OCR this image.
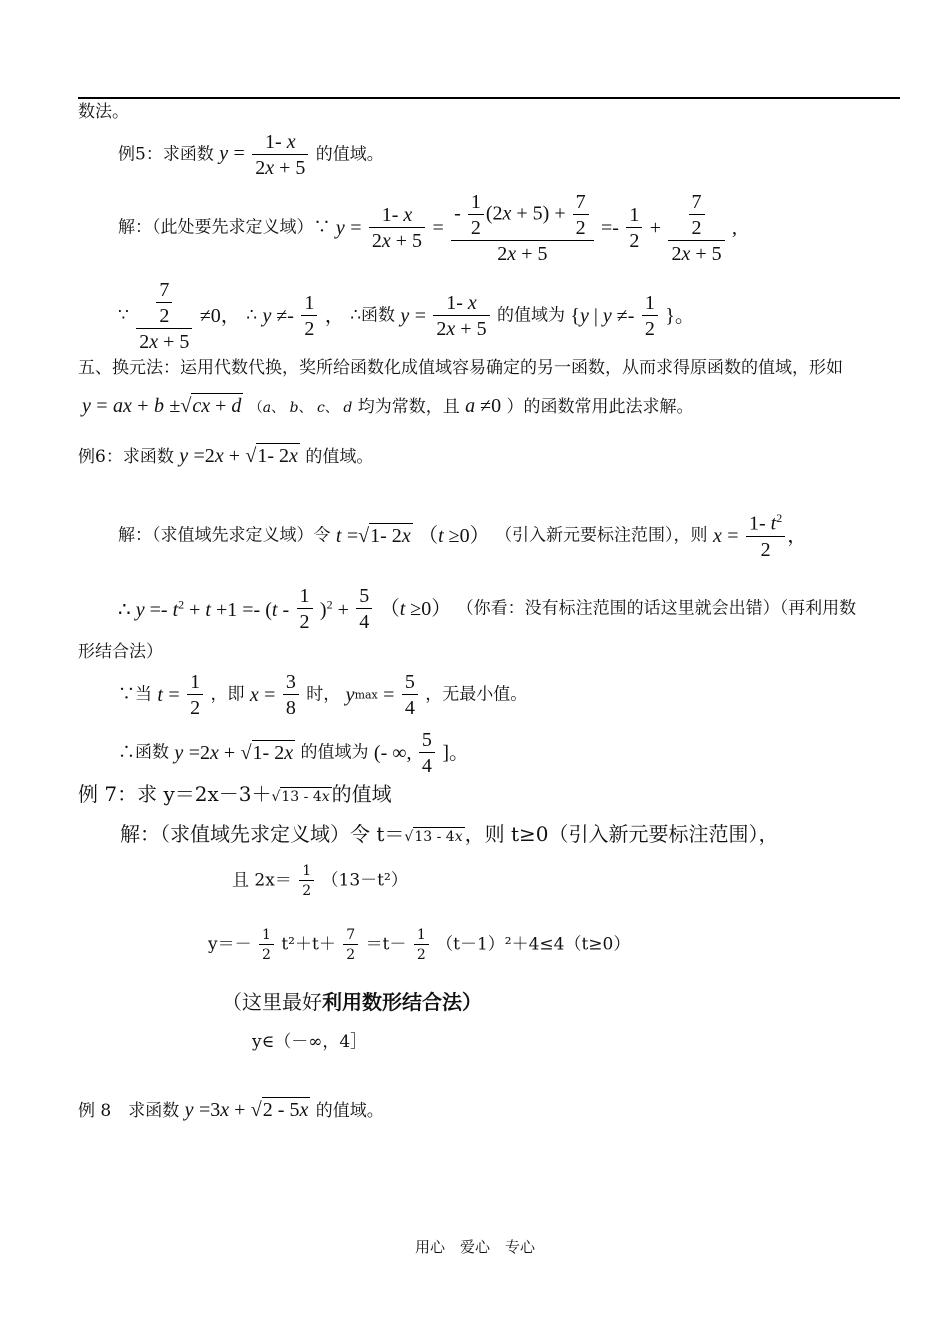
数法。
例5：求函数 $y = \frac{1- x}{2x + 5}$ 的值域。
解：（此处要先求定义域）∵ $y = \frac{1- x}{2x + 5} = \frac{- \frac{1}{2} (2x + 5) + \frac{7}{2}}{2x + 5} =- \frac{1}{2} + \frac{\frac{7}{2}}{2x + 5}$ ,
∵ $\frac{\frac{7}{2}}{2x + 5} \ne 0$， ∴ $y \ne- \frac{1}{2}$ ， ∴函数 $y = \frac{1- x}{2x + 5}$ 的值域为 {y | $y \ne- \frac{1}{2}$ }。
五、换元法：运用代数代换，奖所给函数化成值域容易确定的另一函数，从而求得原函数的值域，形如
y = ax + b ±√cx + d （a、 b、 c、 d 均为常数，且 a ≠0 ）的函数常用此法求解。
例6：求函数 y =2x + √1- 2x 的值域。
解：（求值域先求定义域）令 t =√1- 2x （t ≥0） （引入新元要标注范围），则 $x = \frac{1- t^2}{2}$ ，
∴ $y =- t^2 + t +1 =- (t - \frac{1}{2} )^2 + \frac{5}{4} (t \ge 0)$ （你看：没有标注范围的话这里就会出错）（再利用数
形结合法）
∵当 $t = \frac{1}{2}$ ，即 $x = \frac{3}{8}$ 时， $ymax = \frac{5}{4}$ ，无最小值。
∴函数 y =2x + √1- 2x 的值域为 (- ∞, $\frac{5}{4}$ ]。
例 7：求 y＝2x－3＋√13 - 4x 的值域
解：（求值域先求定义域）令 t＝√13 - 4x ，则 t≥0（引入新元要标注范围），
且 $2x= \frac{1}{2} (13-t^2)$
$y=- \frac{1}{2} t^2+t+ \frac{7}{2} =t- \frac{1}{2} (t-1)^2+4\le 4(t\ge 0)$
（这里最好利用数形结合法）
y∈（－∞，4］
例 8　求函数 y =3x + √2 - 5x 的值域。
用心　爱心　专心
